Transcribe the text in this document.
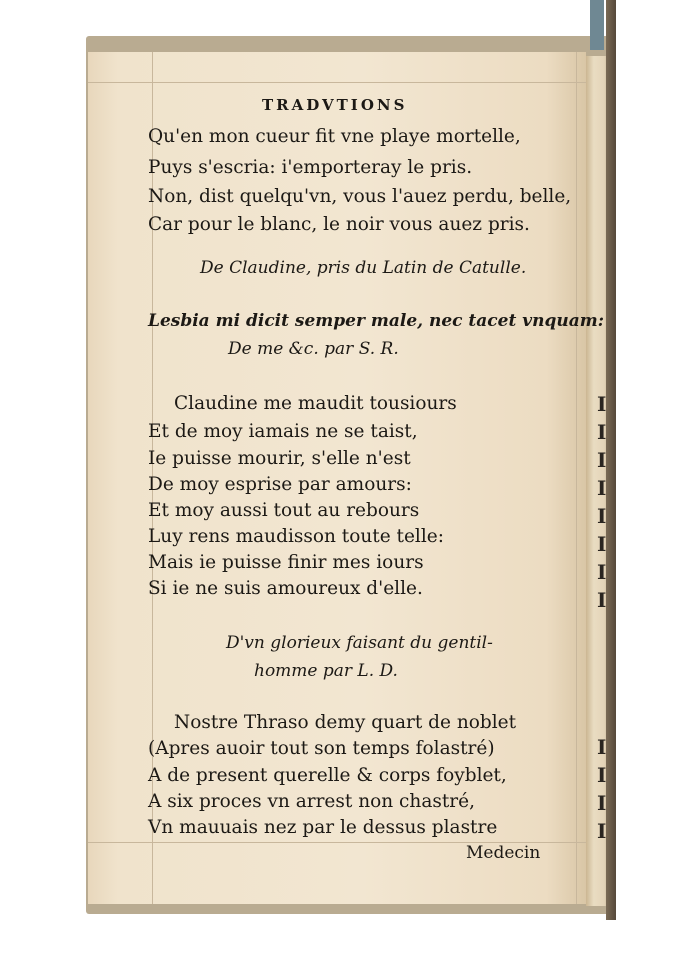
I
I
I
I
I
I
I
I
I
I
I
I
TRADVTIONS
Qu'en mon cueur fit vne playe mortelle,
Puys s'escria: i'emporteray le pris.
Non, dist quelqu'vn, vous l'auez perdu, belle,
Car pour le blanc, le noir vous auez pris.
De Claudine, pris du Latin de Catulle.
Lesbia mi dicit semper male, nec tacet vnquam:
De me &c. par S. R.
Claudine me maudit tousiours
Et de moy iamais ne se taist,
Ie puisse mourir, s'elle n'est
De moy esprise par amours:
Et moy aussi tout au rebours
Luy rens maudisson toute telle:
Mais ie puisse finir mes iours
Si ie ne suis amoureux d'elle.
D'vn glorieux faisant du gentil-
homme par L. D.
Nostre Thraso demy quart de noblet
(Apres auoir tout son temps folastré)
A de present querelle & corps foyblet,
A six proces vn arrest non chastré,
Vn mauuais nez par le dessus plastre
Medecin
